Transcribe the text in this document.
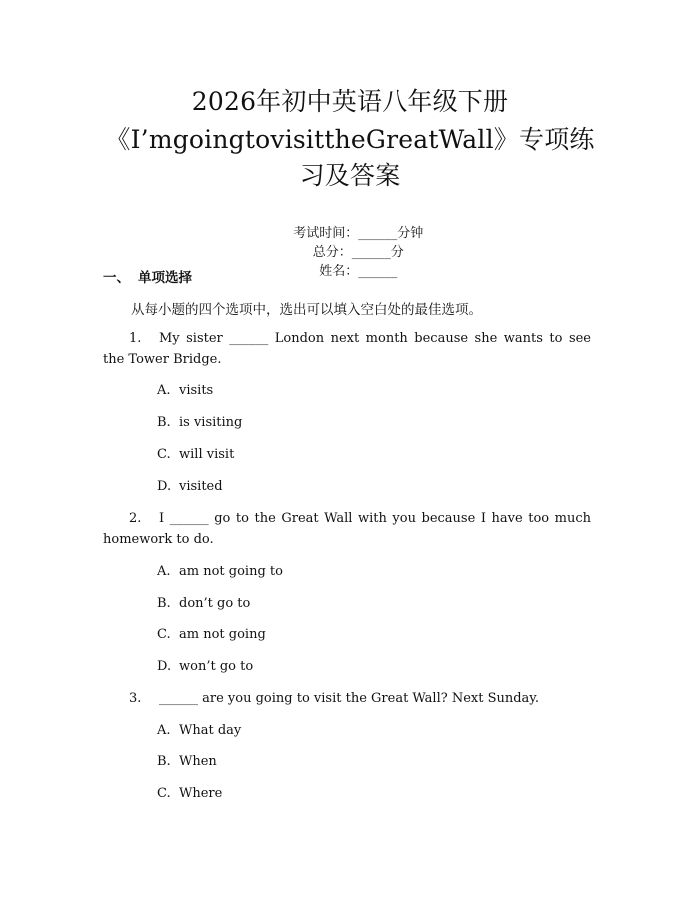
2026年初中英语八年级下册
《I’mgoingtovisittheGreatWall》专项练
习及答案

考试时间：______分钟
总分：______分
姓名：______

一、 单项选择
从每小题的四个选项中，选出可以填入空白处的最佳选项。
1. My sister ______ London next month because she wants to see the Tower Bridge.
A. visits
B. is visiting
C. will visit
D. visited
2. I ______ go to the Great Wall with you because I have too much homework to do.
A. am not going to
B. don’t go to
C. am not going
D. won’t go to
3. ______ are you going to visit the Great Wall? Next Sunday.
A. What day
B. When
C. Where
